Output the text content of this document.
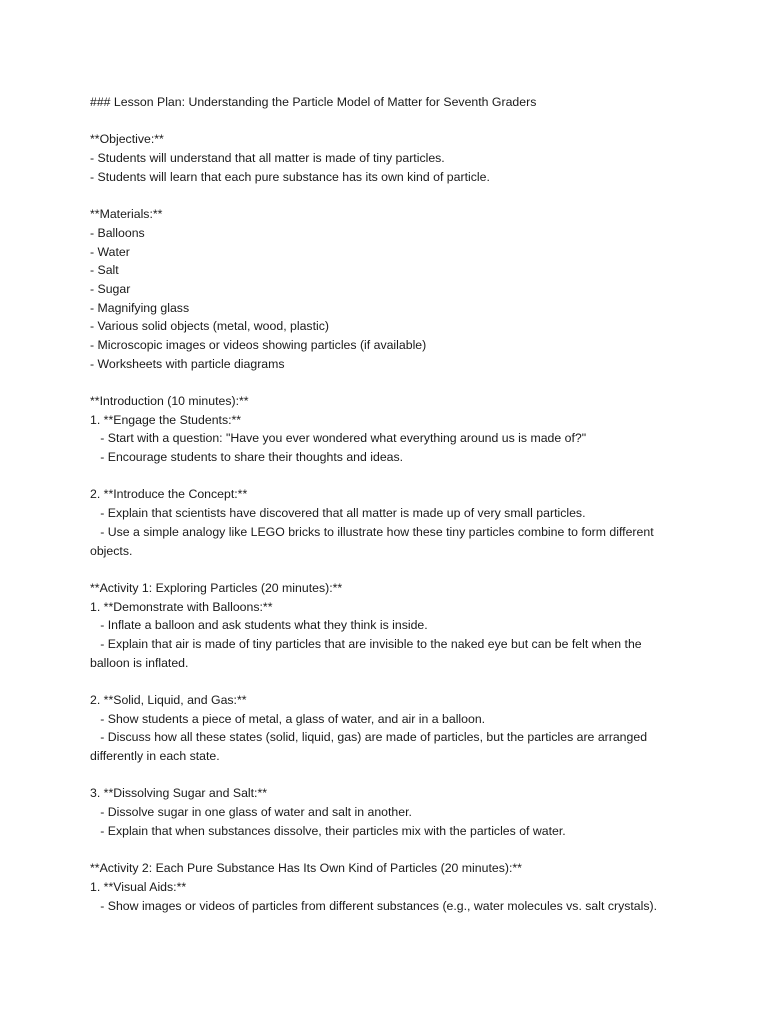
### Lesson Plan: Understanding the Particle Model of Matter for Seventh Graders
**Objective:**
- Students will understand that all matter is made of tiny particles.
- Students will learn that each pure substance has its own kind of particle.
**Materials:**
- Balloons
- Water
- Salt
- Sugar
- Magnifying glass
- Various solid objects (metal, wood, plastic)
- Microscopic images or videos showing particles (if available)
- Worksheets with particle diagrams
**Introduction (10 minutes):**
1. **Engage the Students:**
- Start with a question: "Have you ever wondered what everything around us is made of?"
- Encourage students to share their thoughts and ideas.
2. **Introduce the Concept:**
- Explain that scientists have discovered that all matter is made up of very small particles.
- Use a simple analogy like LEGO bricks to illustrate how these tiny particles combine to form different
objects.
**Activity 1: Exploring Particles (20 minutes):**
1. **Demonstrate with Balloons:**
- Inflate a balloon and ask students what they think is inside.
- Explain that air is made of tiny particles that are invisible to the naked eye but can be felt when the
balloon is inflated.
2. **Solid, Liquid, and Gas:**
- Show students a piece of metal, a glass of water, and air in a balloon.
- Discuss how all these states (solid, liquid, gas) are made of particles, but the particles are arranged
differently in each state.
3. **Dissolving Sugar and Salt:**
- Dissolve sugar in one glass of water and salt in another.
- Explain that when substances dissolve, their particles mix with the particles of water.
**Activity 2: Each Pure Substance Has Its Own Kind of Particles (20 minutes):**
1. **Visual Aids:**
- Show images or videos of particles from different substances (e.g., water molecules vs. salt crystals).
